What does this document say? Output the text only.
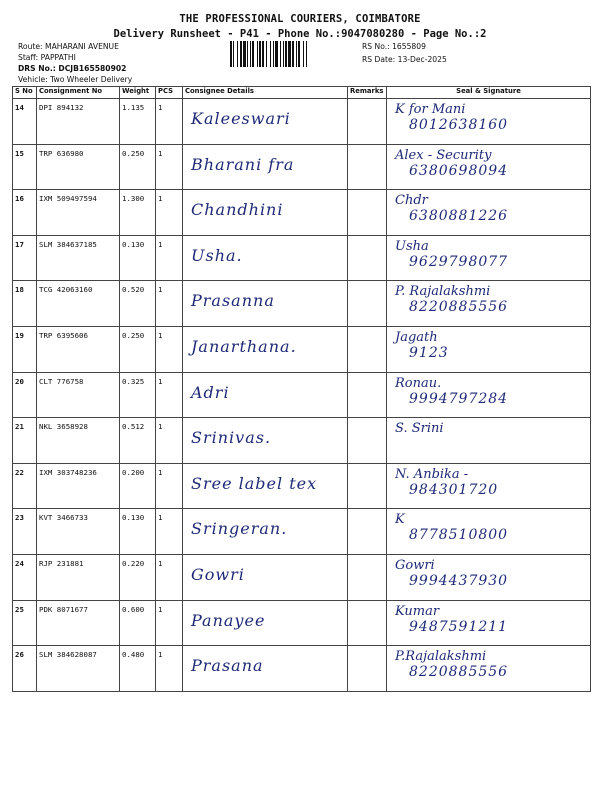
THE PROFESSIONAL COURIERS, COIMBATORE
Delivery Runsheet - P41 - Phone No.:9047080280 - Page No.:2
Route: MAHARANI AVENUE
Staff: PAPPATHI
DRS No.: DCJB165580902
Vehicle: Two Wheeler Delivery
RS No.: 1655809
RS Date: 13-Dec-2025
S No	Consignment No	Weight	PCS	Consignee Details	Remarks	Seal & Signature
14	DPI 894132	1.135	1	Kaleeswari		K for Mani
8012638160

15	TRP 636980	0.250	1	Bharani fra		Alex - Security
6380698094

16	IXM 509497594	1.300	1	Chandhini		Chdr
6380881226

17	SLM 384637185	0.130	1	Usha.		Usha
9629798077

18	TCG 42063160	0.520	1	Prasanna		P. Rajalakshmi
8220885556

19	TRP 6395606	0.250	1	Janarthana.		Jagath
9123

20	CLT 776758	0.325	1	Adri		Ronau.
9994797284

21	NKL 3658928	0.512	1	Srinivas.		S. Srini

22	IXM 303748236	0.200	1	Sree label tex		N. Anbika -
984301720

23	KVT 3466733	0.130	1	Sringeran.		K
8778510800

24	RJP 231881	0.220	1	Gowri		Gowri
9994437930

25	PDK 8071677	0.600	1	Panayee		Kumar
9487591211

26	SLM 384628087	0.480	1	Prasana		P.Rajalakshmi
8220885556
